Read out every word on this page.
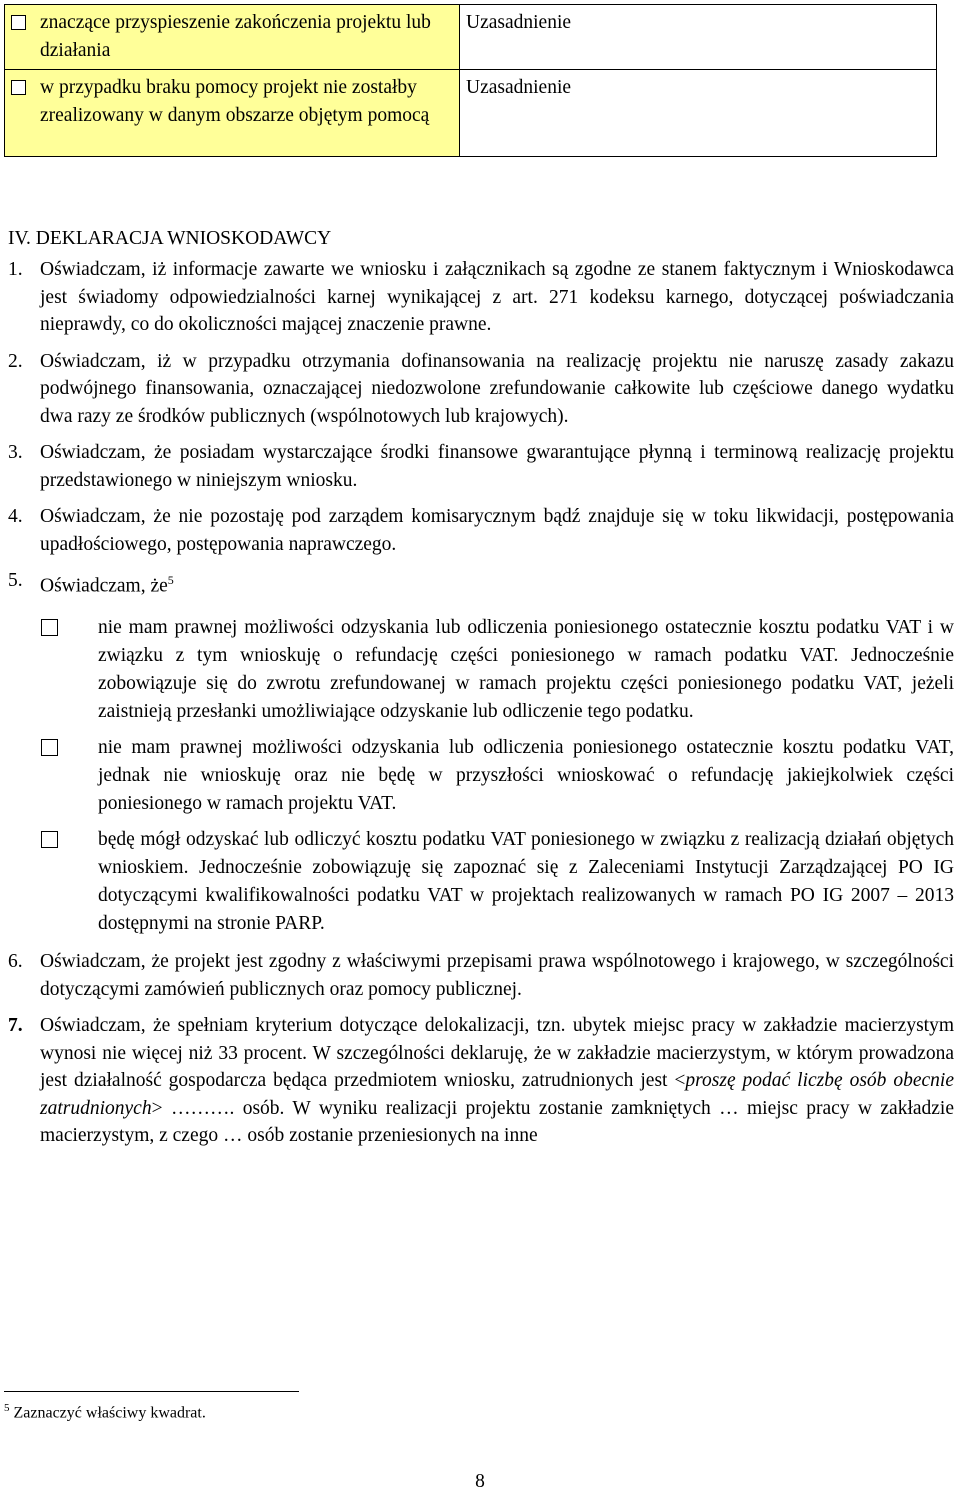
znaczące przyspieszenie zakończenia projektu lub działania	Uzasadnienie

w przypadku braku pomocy projekt nie zostałby zrealizowany w danym obszarze objętym pomocą	Uzasadnienie
IV. DEKLARACJA WNIOSKODAWCY
1. Oświadczam, iż informacje zawarte we wniosku i załącznikach są zgodne ze stanem faktycznym i Wnioskodawca jest świadomy odpowiedzialności karnej wynikającej z art. 271 kodeksu karnego, dotyczącej poświadczania nieprawdy, co do okoliczności mającej znaczenie prawne.
2. Oświadczam, iż w przypadku otrzymania dofinansowania na realizację projektu nie naruszę zasady zakazu podwójnego finansowania, oznaczającej niedozwolone zrefundowanie całkowite lub częściowe danego wydatku dwa razy ze środków publicznych (wspólnotowych lub krajowych).
3. Oświadczam, że posiadam wystarczające środki finansowe gwarantujące płynną i terminową realizację projektu przedstawionego w niniejszym wniosku.
4. Oświadczam, że nie pozostaję pod zarządem komisarycznym bądź znajduje się w toku likwidacji, postępowania upadłościowego, postępowania naprawczego.
5. Oświadczam, $że^5$
nie mam prawnej możliwości odzyskania lub odliczenia poniesionego ostatecznie kosztu podatku VAT i w związku z tym wnioskuję o refundację części poniesionego w ramach podatku VAT. Jednocześnie zobowiązuje się do zwrotu zrefundowanej w ramach projektu części poniesionego podatku VAT, jeżeli zaistnieją przesłanki umożliwiające odzyskanie lub odliczenie tego podatku.
nie mam prawnej możliwości odzyskania lub odliczenia poniesionego ostatecznie kosztu podatku VAT, jednak nie wnioskuję oraz nie będę w przyszłości wnioskować o refundację jakiejkolwiek części poniesionego w ramach projektu VAT.
będę mógł odzyskać lub odliczyć kosztu podatku VAT poniesionego w związku z realizacją działań objętych wnioskiem. Jednocześnie zobowiązuję się zapoznać się z Zaleceniami Instytucji Zarządzającej PO IG dotyczącymi kwalifikowalności podatku VAT w projektach realizowanych w ramach PO IG 2007 – 2013 dostępnymi na stronie PARP.
6. Oświadczam, że projekt jest zgodny z właściwymi przepisami prawa wspólnotowego i krajowego, w szczególności dotyczącymi zamówień publicznych oraz pomocy publicznej.
7. Oświadczam, że spełniam kryterium dotyczące delokalizacji, tzn. ubytek miejsc pracy w zakładzie macierzystym wynosi nie więcej niż 33 procent. W szczególności deklaruję, że w zakładzie macierzystym, w którym prowadzona jest działalność gospodarcza będąca przedmiotem wniosku, zatrudnionych jest <proszę podać liczbę osób obecnie zatrudnionych> ………. osób. W wyniku realizacji projektu zostanie zamkniętych … miejsc pracy w zakładzie macierzystym, z czego … osób zostanie przeniesionych na inne
$^5$ Zaznaczyć właściwy kwadrat.
8
